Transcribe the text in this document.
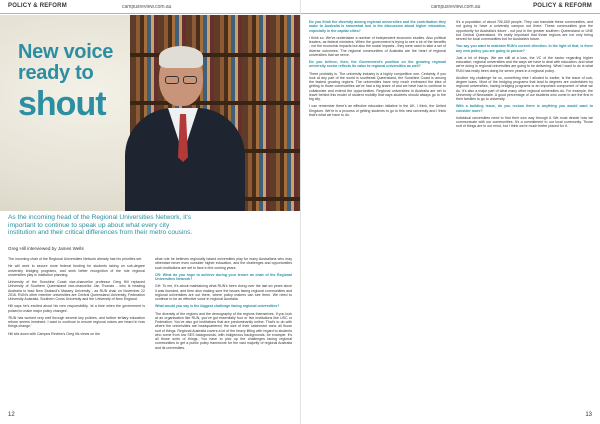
POLICY & REFORM	campusreview.com.au
New voice
ready to
shout
As the incoming head of the Regional Universities Network, it's important to continue to speak up about what every city institution and their critical differences from their metro cousins.
Greg Hill interviewed by James Wells

The incoming chair of the Regional Universities Network already has his priorities set.

He will work to secure more federal funding for students taking on sub-degree university bridging programs, and seek better recognition of the role regional universities play in institution planning.

University of the Sunshine Coast vice-chancellor professor Greg Hill replaced University of Southern Queensland vice-chancellor Jan Thomas - who is heading Australia to lead New Zealand's Massey University - as RUN chair on November 22 2016. RUN's other member universities are Central Queensland University, Federation University Australia, Southern Cross University and the University of New England.

Hill says he's excited about his new responsibility, 'at a time when the government is poised to make major policy changes'.

'RUN has worked very well through several key policies, and further tertiary education reform seems imminent. I want to continue to ensure regional voices are heard in how things change.'

Hill sits down with Campus Review's Greg Ills views on the

what role he believes regionally based universities play for many Australians who may otherwise never even consider higher education, and the challenges and opportunities such institutions are set to face in the coming years.

CR: What do you hope to achieve during your tenure as chair of the Regional Universities Network?

GH: To me, it's about maintaining what RUN's been doing over the last six years since it was founded, and then also making sure the issues facing regional communities and regional universities are out there, where policy makers can see them. We need to continue to be an effective voice in regional Australia.

What would you say is the biggest challenge facing regional universities?

The diversity of the regions and the demography of the regions themselves. If you look at an organisation like RUN, you've got essentially four or five institutions like USC or Federation. You've also got institutions that are predominantly online. That's to do with where the universities are headquartered; the size of their catchment area; all those sort of things. Regional Australia covers a lot of the heavy lifting with regard to students who come from low SES backgrounds, with Indigenous backgrounds, for example. It's all those sorts of things. You have to pick up the challenges facing regional communities to get a public policy framework for the vast majority of regional Australia and its universities.

12
campusreview.com.au	POLICY & REFORM

Do you think the diversity among regional universities and the contribution they make to Australia is somewhat lost in the discussion about higher education, especially in the capital cities?

I think so. We've undertaken a number of independent economic studies. Also political leaders, as federal ministers. When the government is trying to see a lot of the benefits - not the economic impacts but also the social impacts - they were used to take a set of diverse outcomes. The regional communities of Australia are the heart of regional universities that we serve.

Do you believe, then, the Government's position on the growing regional university sector reflects its value to regional universities as well?

There probably is. The university industry is a highly competitive one. Certainly, if you look at any part of the world in southeast Queensland, the Sunshine Coast is among the fastest growing regions. The universities have very much embraced the idea of getting to those communities we've had a big share of and we have had to continue to collaborate and extend the opportunities. Regional universities in Australia are set to leave behind this model of student mobility that says students should always go to the big city.

I can remember there's an effective education initiative in the UK, I think, the United Kingdom. We're in a process of getting students to go to this new university and I think that's what we have to do.

It's a population of about 700,000 people. They can translate these communities, and not going to have a university campus out there. These communities give the opportunity for Australia's future - not just in the greater southern Queensland or UNE but Central Queensland. It's really important that those regions are not only being served for local communities but for Australia's future.

You say you want to maintain RUN's current direction. In the light of that, is there any new policy you are going to pursue?

Just a lot of things. We are still at a loss, the VC of the sector regarding higher education, regional universities and the ways we have to deal with education, and what we're doing in regional universities are going to be delivering. What I want to do is what RUN has really been doing for seven years in a regional policy.

Another big challenge for us, something else I alluded to earlier, is the issue of sub-degree loans. Most of the bridging programs that lead to degrees are undertaken by regional universities, having bridging programs is an important component of what we do. It's also a major part of what many other regional universities do. For example, the University of Newcastle. A good percentage of our students who come in are the first in their families to go to university.

With a building issue, do you reckon there is anything you would want to consider more?

Individual universities need to find their own way through it. We must decide how we communicate with our communities. It's a commitment to our local community. Those sort of things are in our mind, but I think we're much better placed for it.

13
